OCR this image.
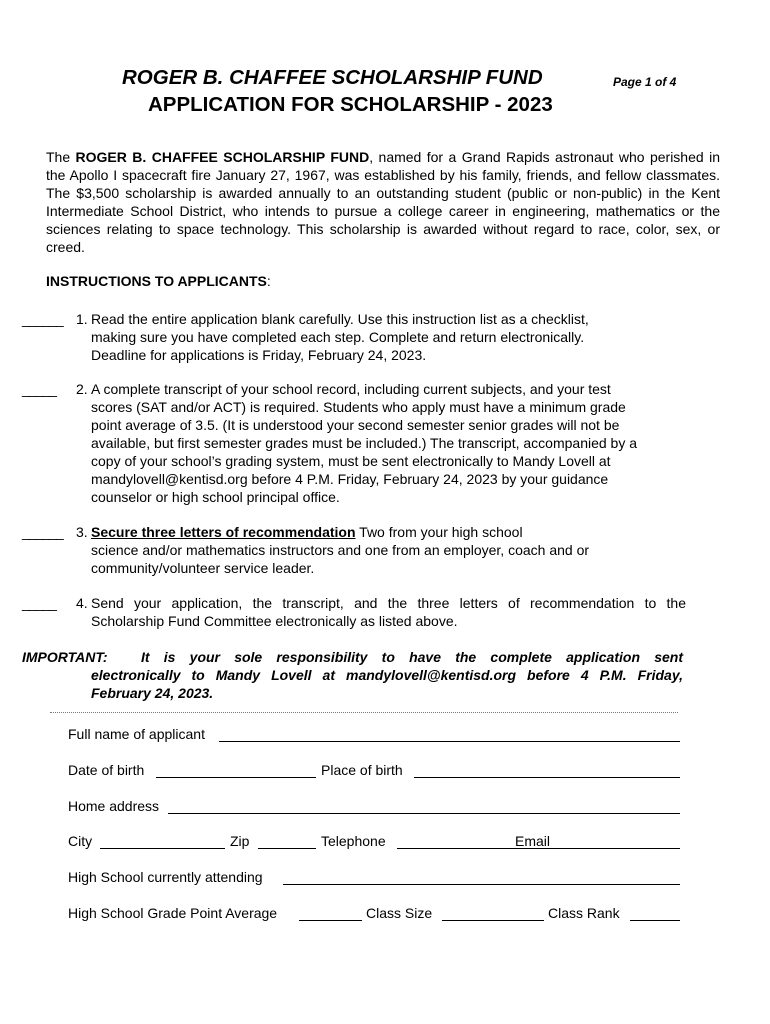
ROGER B. CHAFFEE SCHOLARSHIP FUND	Page 1 of 4
APPLICATION FOR SCHOLARSHIP - 2023
The ROGER B. CHAFFEE SCHOLARSHIP FUND, named for a Grand Rapids astronaut who perished in the Apollo I spacecraft fire January 27, 1967, was established by his family, friends, and fellow classmates. The $3,500 scholarship is awarded annually to an outstanding student (public or non-public) in the Kent Intermediate School District, who intends to pursue a college career in engineering, mathematics or the sciences relating to space technology. This scholarship is awarded without regard to race, color, sex, or creed.
INSTRUCTIONS TO APPLICANTS:
______ 1. Read the entire application blank carefully. Use this instruction list as a checklist,
making sure you have completed each step. Complete and return electronically.
Deadline for applications is Friday, February 24, 2023.
_____ 2. A complete transcript of your school record, including current subjects, and your test
scores (SAT and/or ACT) is required. Students who apply must have a minimum grade
point average of 3.5. (It is understood your second semester senior grades will not be
available, but first semester grades must be included.) The transcript, accompanied by a
copy of your school’s grading system, must be sent electronically to Mandy Lovell at
mandylovell@kentisd.org before 4 P.M. Friday, February 24, 2023 by your guidance
counselor or high school principal office.
______ 3. Secure three letters of recommendation Two from your high school
science and/or mathematics instructors and one from an employer, coach and or
community/volunteer service leader.
_____ 4. Send your application, the transcript, and the three letters of recommendation to the
Scholarship Fund Committee electronically as listed above.
IMPORTANT: It is your sole responsibility to have the complete application sent
electronically to Mandy Lovell at mandylovell@kentisd.org before 4 P.M. Friday,
February 24, 2023.
Full name of applicant
Date of birth	Place of birth
Home address
City	Zip	Telephone	Email
High School currently attending
High School Grade Point Average	Class Size	Class Rank
